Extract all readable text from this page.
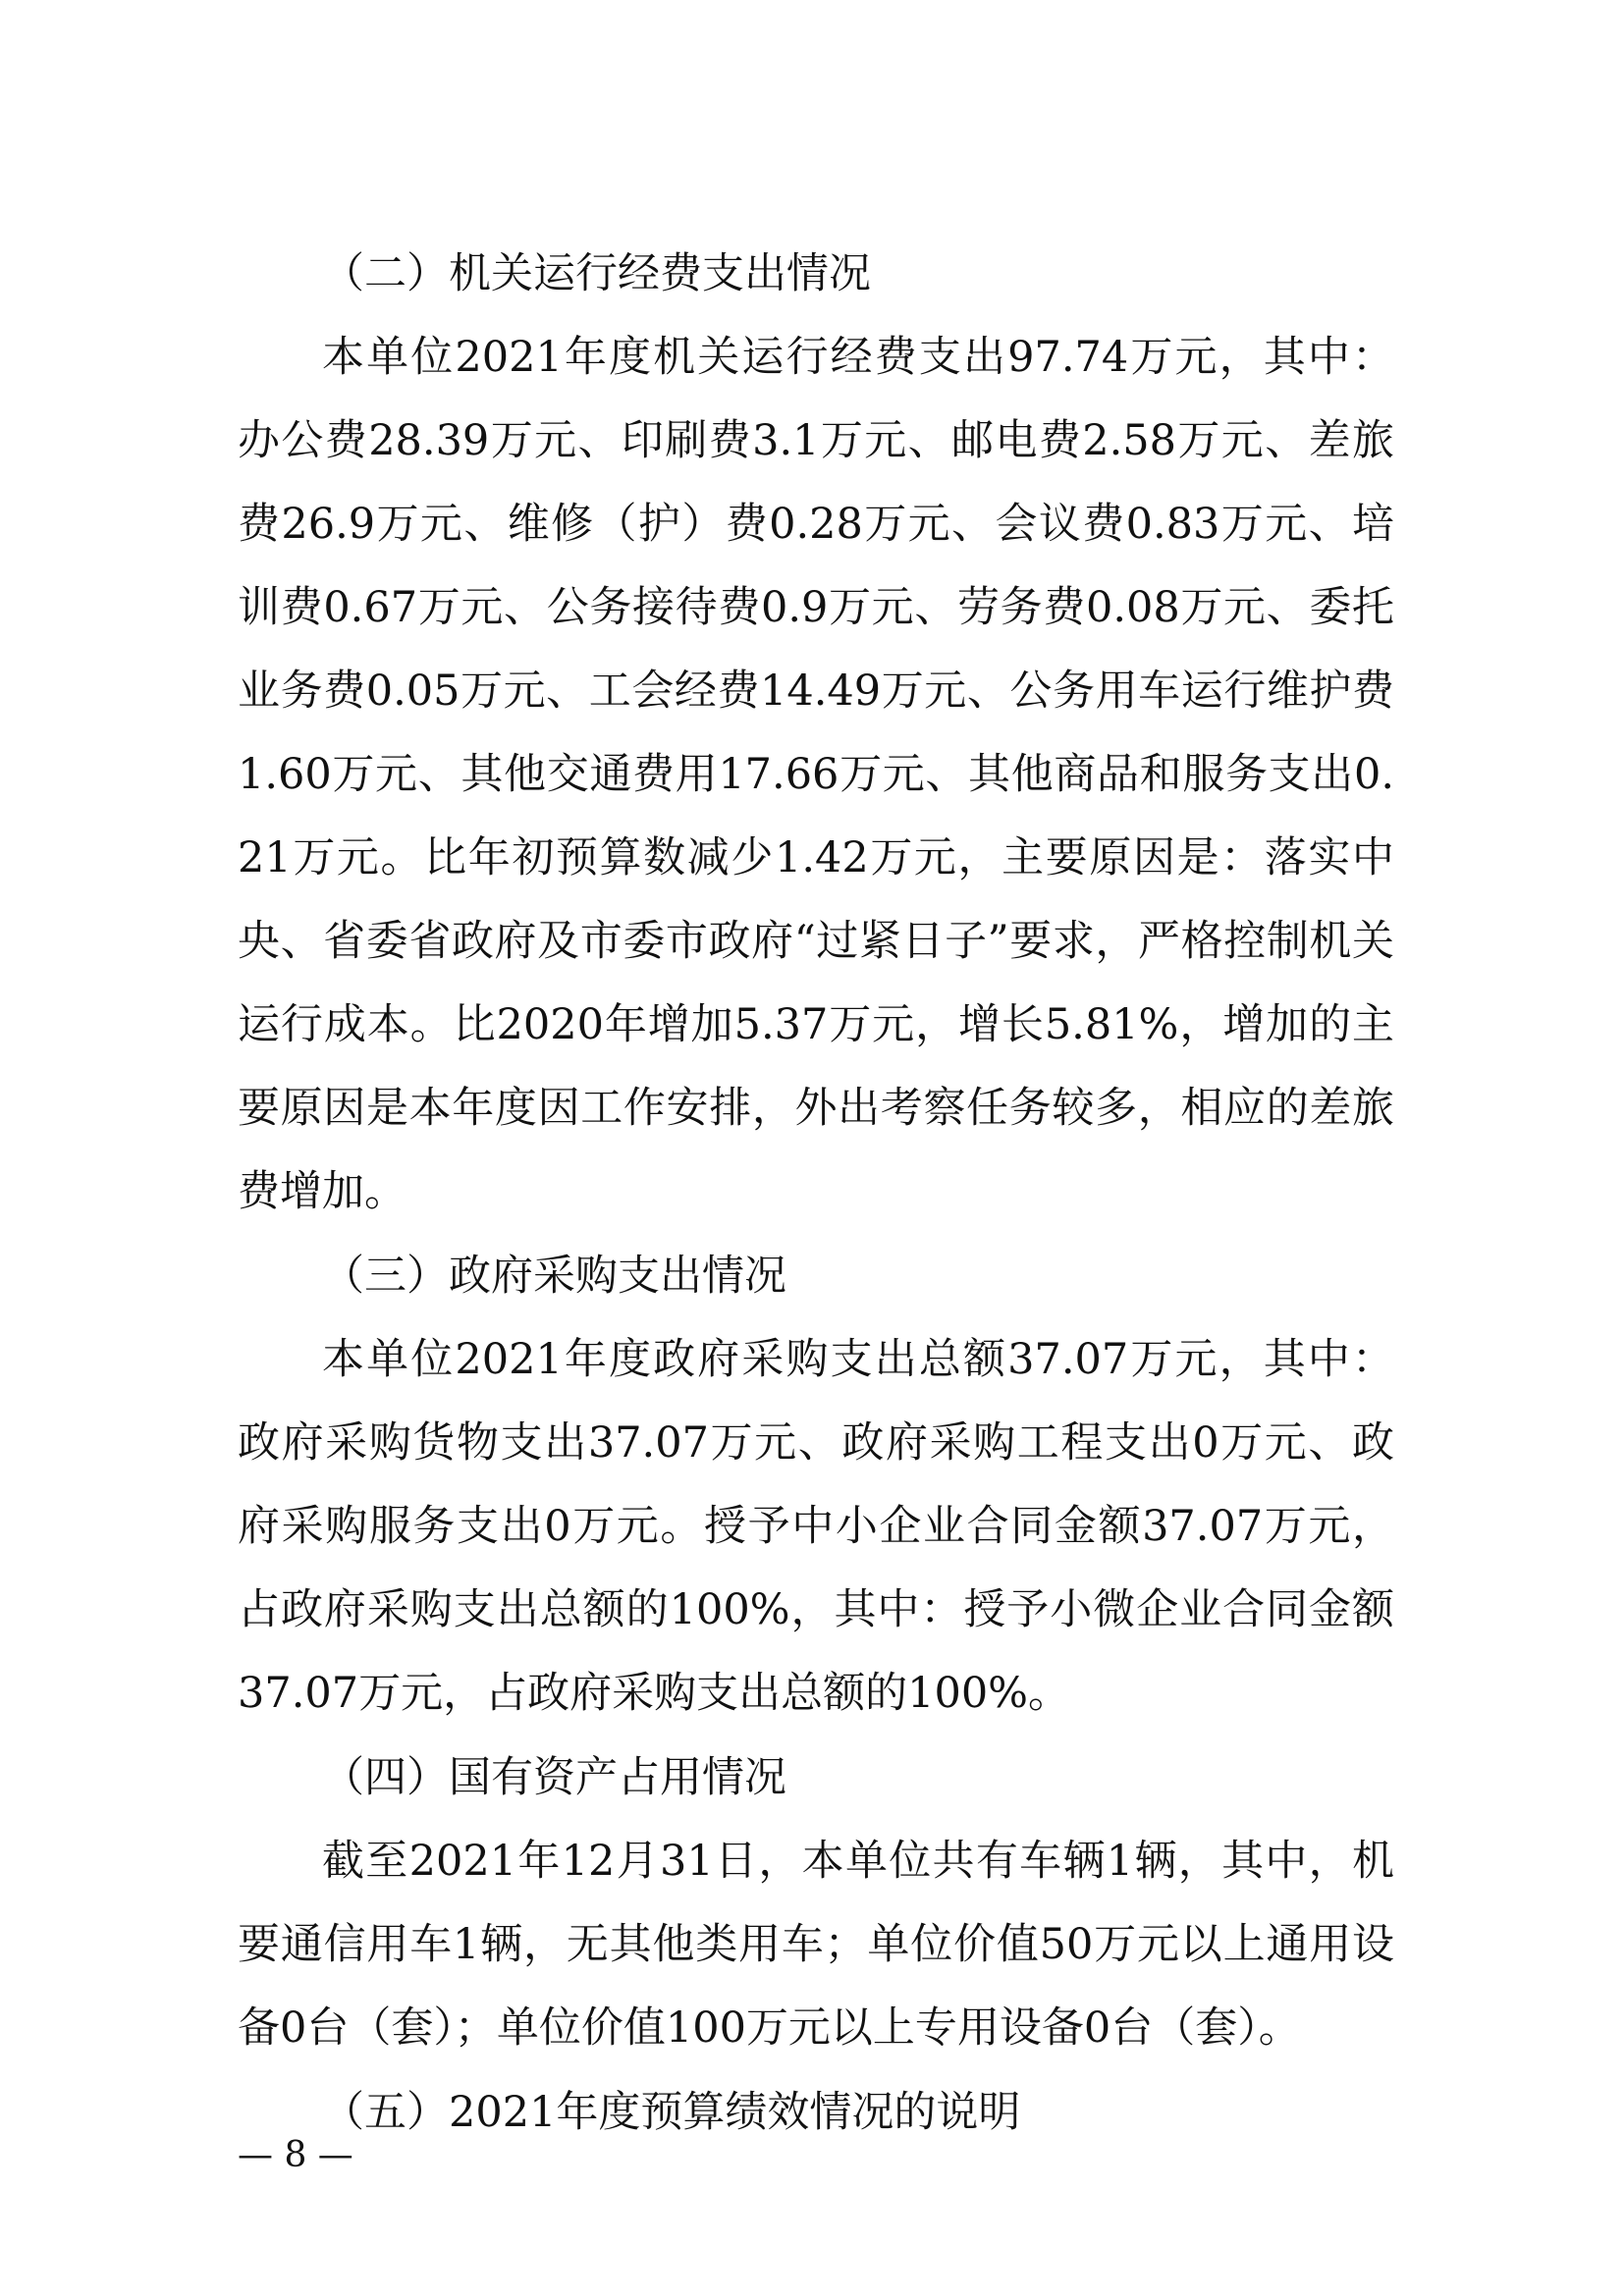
（二）机关运行经费支出情况

本单位2021年度机关运行经费支出97.74万元，其中：办公费28.39万元、印刷费3.1万元、邮电费2.58万元、差旅费26.9万元、维修（护）费0.28万元、会议费0.83万元、培训费0.67万元、公务接待费0.9万元、劳务费0.08万元、委托业务费0.05万元、工会经费14.49万元、公务用车运行维护费1.60万元、其他交通费用17.66万元、其他商品和服务支出0.21万元。比年初预算数减少1.42万元，主要原因是：落实中央、省委省政府及市委市政府“过紧日子”要求，严格控制机关运行成本。比2020年增加5.37万元，增长5.81%，增加的主要原因是本年度因工作安排，外出考察任务较多，相应的差旅费增加。

（三）政府采购支出情况

本单位2021年度政府采购支出总额37.07万元，其中：政府采购货物支出37.07万元、政府采购工程支出0万元、政府采购服务支出0万元。授予中小企业合同金额37.07万元，占政府采购支出总额的100%，其中：授予小微企业合同金额37.07万元，占政府采购支出总额的100%。

（四）国有资产占用情况

截至2021年12月31日，本单位共有车辆1辆，其中，机要通信用车1辆，无其他类用车；单位价值50万元以上通用设备0台（套）；单位价值100万元以上专用设备0台（套）。

（五）2021年度预算绩效情况的说明

— 8 —
